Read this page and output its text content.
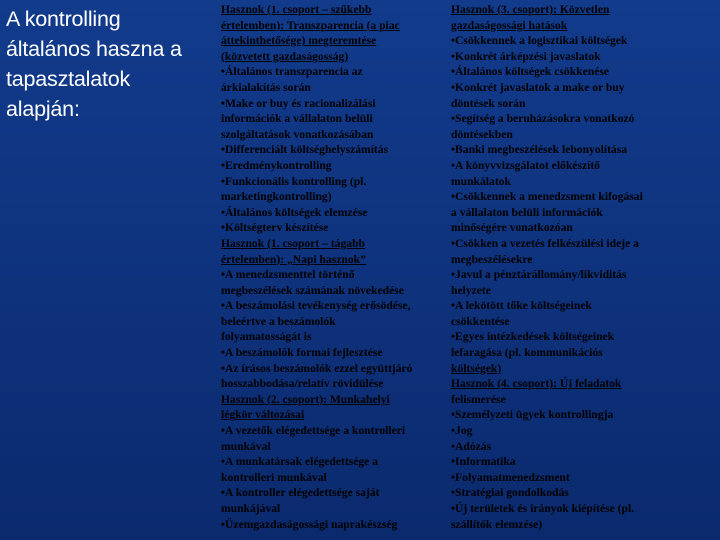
A kontrolling általános haszna a tapasztalatok alapján:
Hasznok (1. csoport – szűkebb
értelemben): Transzparencia (a piac
áttekinthetősége) megteremtése
(közvetett gazdaságosság)
•Általános transzparencia az
árkialakítás során
•Make or buy és racionalizálási
információk a vállalaton belüli
szolgáltatások vonatkozásában
•Differenciált költséghelyszámítás
•Eredménykontrolling
•Funkcionális kontrolling (pl.
marketingkontrolling)
•Általános költségek elemzése
•Költségterv készítése
Hasznok (1. csoport – tágabb
értelemben): „Napi hasznok”
•A menedzsmenttel történő
megbeszélések számának növekedése
•A beszámolási tevékenység erősödése,
beleértve a beszámolók
folyamatosságát is
•A beszámolók formai fejlesztése
•Az írásos beszámolók ezzel együttjáró
hosszabbodása/relatív rövidülése
Hasznok (2. csoport): Munkahelyi
légkör változásai
•A vezetők elégedettsége a kontrolleri
munkával
•A munkatársak elégedettsége a
kontrolleri munkával
•A kontroller elégedettsége saját
munkájával
•Üzemgazdaságossági naprakészség
Hasznok (3. csoport): Közvetlen
gazdaságossági hatások
•Csökkennek a logisztikai költségek
•Konkrét árképzési javaslatok
•Általános költségek csökkenése
•Konkrét javaslatok a make or buy
döntések során
•Segítség a beruházásokra vonatkozó
döntésekben
•Banki megbeszélések lebonyolítása
•A könyvvizsgálatot előkészítő
munkálatok
•Csökkennek a menedzsment kifogásai
a vállalaton belüli információk
minőségére vonatkozóan
•Csökken a vezetés felkészülési ideje a
megbeszélésekre
•Javul a pénztárállomány/likviditás
helyzete
•A lekötött tőke költségeinek
csökkentése
•Egyes intézkedések költségeinek
lefaragása (pl. kommunikációs
költségek)
Hasznok (4. csoport): Új feladatok
felismerése
•Személyzeti ügyek kontrollingja
•Jog
•Adózás
•Informatika
•Folyamatmenedzsment
•Stratégiai gondolkodás
•Új területek és irányok kiépítése (pl.
szállítók elemzése)
